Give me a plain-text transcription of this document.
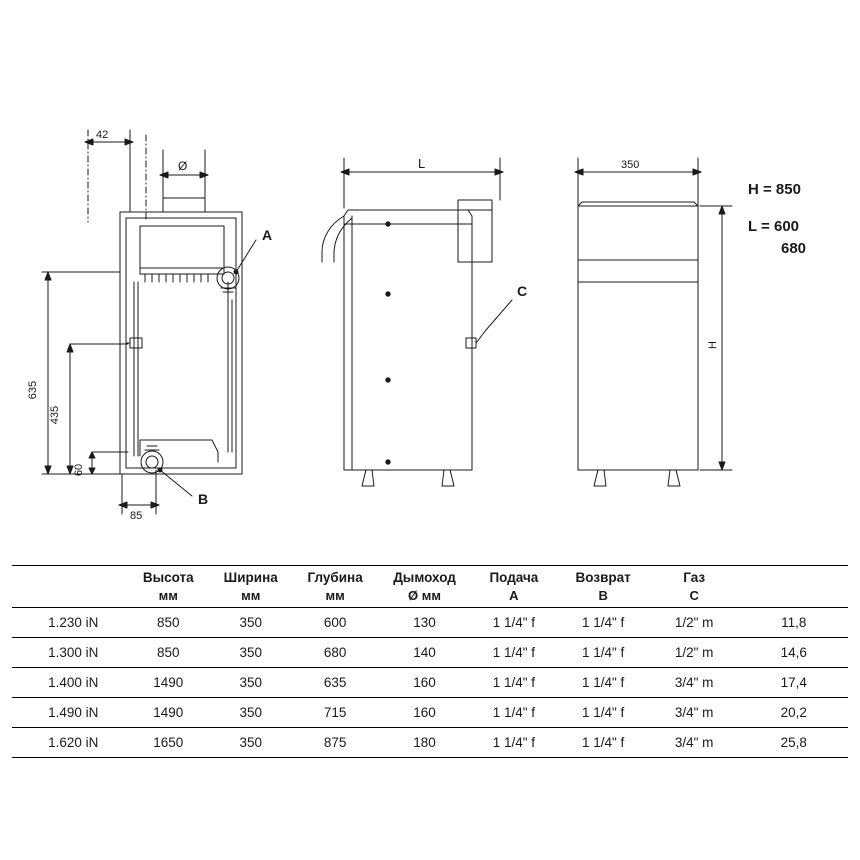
42
Ø
635
435
60
85
A
B
L
C
350
H
H = 850
L = 600
680
	Высота	Ширина	Глубина	Дымоход	Подача	Возврат	Газ	
	мм	мм	мм	Ø мм	А	В	С	
1.230 iN	850	350	600	130	1 1/4" f	1 1/4" f	1/2" m	11,8
1.300 iN	850	350	680	140	1 1/4" f	1 1/4" f	1/2" m	14,6
1.400 iN	1490	350	635	160	1 1/4" f	1 1/4" f	3/4" m	17,4
1.490 iN	1490	350	715	160	1 1/4" f	1 1/4" f	3/4" m	20,2
1.620 iN	1650	350	875	180	1 1/4" f	1 1/4" f	3/4" m	25,8
